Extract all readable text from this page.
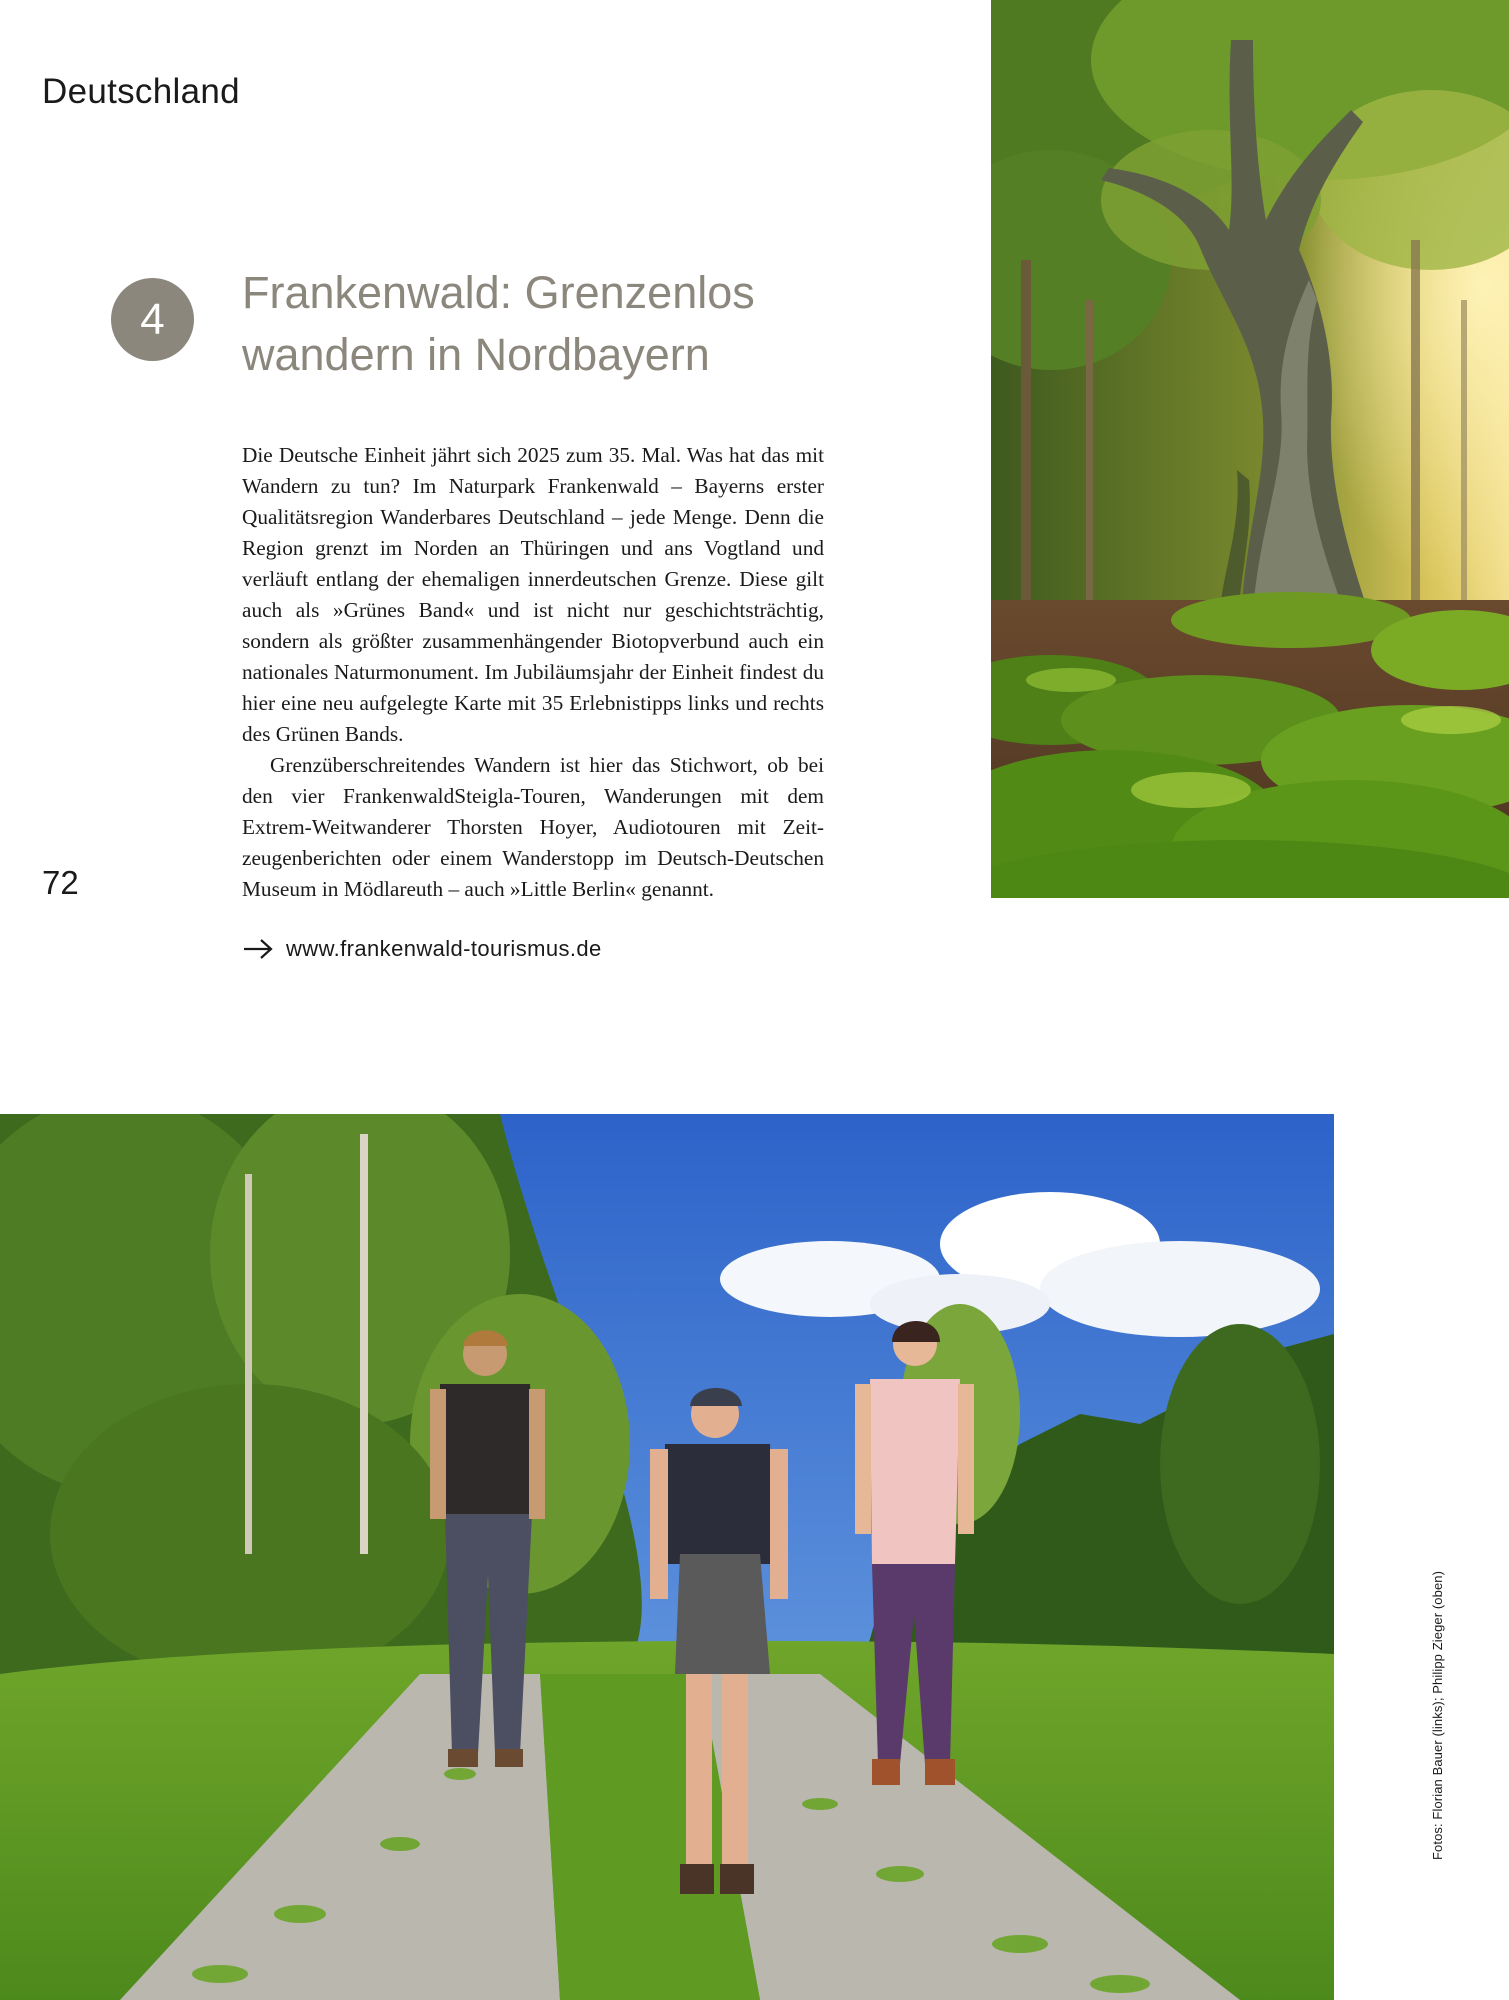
Deutschland
4
Frankenwald: Grenzenlos
wandern in Nordbayern

Die Deutsche Einheit jährt sich 2025 zum 35. Mal. Was hat das mit Wandern zu tun? Im Naturpark Frankenwald – Bayerns erster Qualitätsregion Wanderbares Deutschland – jede Menge. Denn die Region grenzt im Norden an Thüringen und ans Vogtland und verläuft entlang der ehemaligen innerdeutschen Grenze. Diese gilt auch als »Grünes Band« und ist nicht nur geschichtsträchtig, sondern als größter zusammenhängender Biotopverbund auch ein nationales Naturmonument. Im Jubiläumsjahr der Einheit findest du hier eine neu aufgelegte Karte mit 35 Erlebnistipps links und rechts des Grünen Bands.

Grenzüberschreitendes Wandern ist hier das Stichwort, ob bei den vier FrankenwaldSteigla-Touren, Wanderungen mit dem Extrem-Weitwanderer Thorsten Hoyer, Audiotouren mit Zeitzeugenberichten oder einem Wanderstopp im Deutsch-Deutschen Museum in Mödlareuth – auch »Little Berlin« genannt.

72
www.frankenwald-tourismus.de
Fotos: Florian Bauer (links); Philipp Zieger (oben)
